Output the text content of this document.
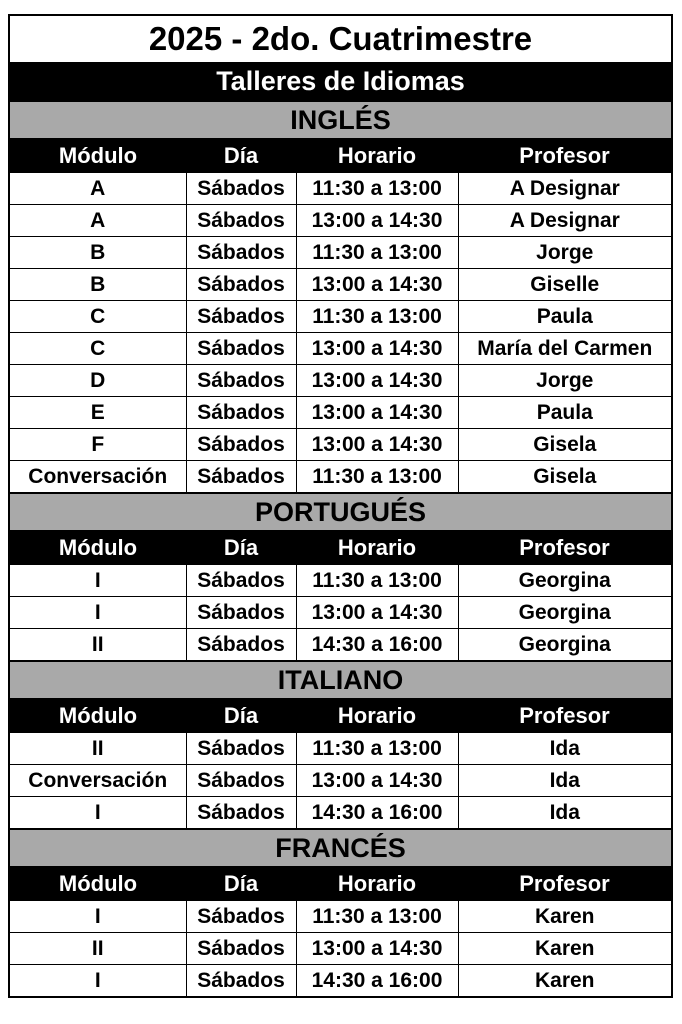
2025 - 2do. Cuatrimestre
Talleres de Idiomas
INGLÉS
Módulo	Día	Horario	Profesor
A	Sábados	11:30 a 13:00	A Designar
A	Sábados	13:00 a 14:30	A Designar
B	Sábados	11:30 a 13:00	Jorge
B	Sábados	13:00 a 14:30	Giselle
C	Sábados	11:30 a 13:00	Paula
C	Sábados	13:00 a 14:30	María del Carmen
D	Sábados	13:00 a 14:30	Jorge
E	Sábados	13:00 a 14:30	Paula
F	Sábados	13:00 a 14:30	Gisela
Conversación	Sábados	11:30 a 13:00	Gisela
PORTUGUÉS
Módulo	Día	Horario	Profesor
I	Sábados	11:30 a 13:00	Georgina
I	Sábados	13:00 a 14:30	Georgina
II	Sábados	14:30 a 16:00	Georgina
ITALIANO
Módulo	Día	Horario	Profesor
II	Sábados	11:30 a 13:00	Ida
Conversación	Sábados	13:00 a 14:30	Ida
I	Sábados	14:30 a 16:00	Ida
FRANCÉS
Módulo	Día	Horario	Profesor
I	Sábados	11:30 a 13:00	Karen
II	Sábados	13:00 a 14:30	Karen
I	Sábados	14:30 a 16:00	Karen
